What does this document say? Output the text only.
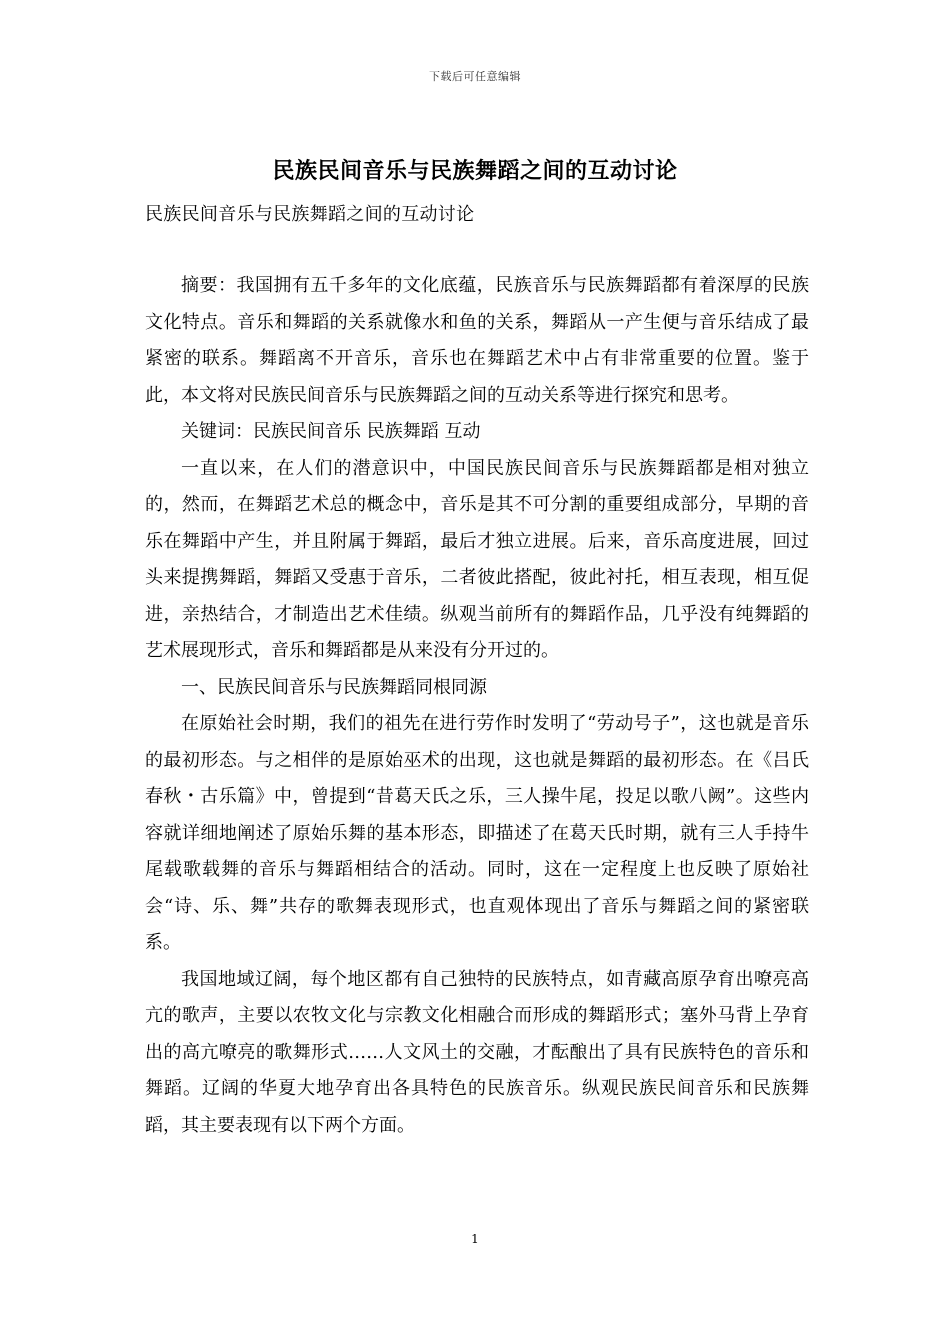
下载后可任意编辑
民族民间音乐与民族舞蹈之间的互动讨论
民族民间音乐与民族舞蹈之间的互动讨论

摘要：我国拥有五千多年的文化底蕴，民族音乐与民族舞蹈都有着深厚的民族文化特点。音乐和舞蹈的关系就像水和鱼的关系，舞蹈从一产生便与音乐结成了最紧密的联系。舞蹈离不开音乐，音乐也在舞蹈艺术中占有非常重要的位置。鉴于此，本文将对民族民间音乐与民族舞蹈之间的互动关系等进行探究和思考。

关键词：民族民间音乐 民族舞蹈 互动

一直以来，在人们的潜意识中，中国民族民间音乐与民族舞蹈都是相对独立的，然而，在舞蹈艺术总的概念中，音乐是其不可分割的重要组成部分，早期的音乐在舞蹈中产生，并且附属于舞蹈，最后才独立进展。后来，音乐高度进展，回过头来提携舞蹈，舞蹈又受惠于音乐，二者彼此搭配，彼此衬托，相互表现，相互促进，亲热结合，才制造出艺术佳绩。纵观当前所有的舞蹈作品，几乎没有纯舞蹈的艺术展现形式，音乐和舞蹈都是从来没有分开过的。

一、民族民间音乐与民族舞蹈同根同源

在原始社会时期，我们的祖先在进行劳作时发明了“劳动号子”，这也就是音乐的最初形态。与之相伴的是原始巫术的出现，这也就是舞蹈的最初形态。在《吕氏春秋・古乐篇》中，曾提到“昔葛天氏之乐，三人操牛尾，投足以歌八阙”。这些内容就详细地阐述了原始乐舞的基本形态，即描述了在葛天氏时期，就有三人手持牛尾载歌载舞的音乐与舞蹈相结合的活动。同时，这在一定程度上也反映了原始社会“诗、乐、舞”共存的歌舞表现形式，也直观体现出了音乐与舞蹈之间的紧密联系。

我国地域辽阔，每个地区都有自己独特的民族特点，如青藏高原孕育出嘹亮高亢的歌声，主要以农牧文化与宗教文化相融合而形成的舞蹈形式；塞外马背上孕育出的高亢嘹亮的歌舞形式……人文风土的交融，才酝酿出了具有民族特色的音乐和舞蹈。辽阔的华夏大地孕育出各具特色的民族音乐。纵观民族民间音乐和民族舞蹈，其主要表现有以下两个方面。

1
